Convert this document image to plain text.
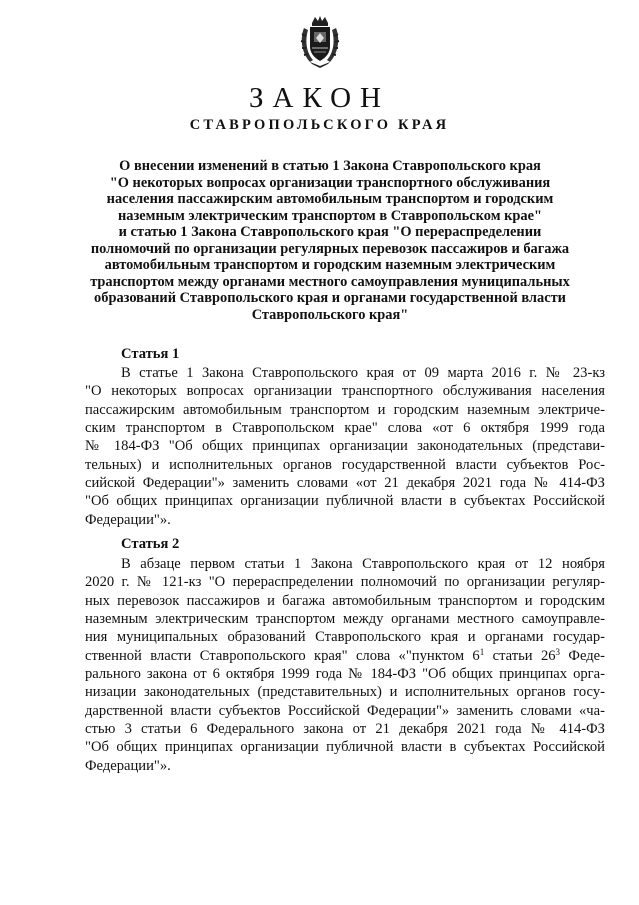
ЗАКОН
СТАВРОПОЛЬСКОГО КРАЯ
О внесении изменений в статью 1 Закона Ставропольского края
"О некоторых вопросах организации транспортного обслуживания
населения пассажирским автомобильным транспортом и городским
наземным электрическим транспортом в Ставропольском крае"
и статью 1 Закона Ставропольского края "О перераспределении
полномочий по организации регулярных перевозок пассажиров и багажа
автомобильным транспортом и городским наземным электрическим
транспортом между органами местного самоуправления муниципальных
образований Ставропольского края и органами государственной власти
Ставропольского края"
Статья 1
В статье 1 Закона Ставропольского края от 09 марта 2016 г. № 23-кз
"О некоторых вопросах организации транспортного обслуживания населения
пассажирским автомобильным транспортом и городским наземным электриче-
ским транспортом в Ставропольском крае" слова «от 6 октября 1999 года
№ 184-ФЗ "Об общих принципах организации законодательных (представи-
тельных) и исполнительных органов государственной власти субъектов Рос-
сийской Федерации"» заменить словами «от 21 декабря 2021 года № 414-ФЗ
"Об общих принципах организации публичной власти в субъектах Российской
Федерации"».
Статья 2
В абзаце первом статьи 1 Закона Ставропольского края от 12 ноября
2020 г. № 121-кз "О перераспределении полномочий по организации регуляр-
ных перевозок пассажиров и багажа автомобильным транспортом и городским
наземным электрическим транспортом между органами местного самоуправле-
ния муниципальных образований Ставропольского края и органами государ-
ственной власти Ставропольского края" слова «"пунктом $6^1$ статьи $26^3$ Феде-
рального закона от 6 октября 1999 года № 184-ФЗ "Об общих принципах орга-
низации законодательных (представительных) и исполнительных органов госу-
дарственной власти субъектов Российской Федерации"» заменить словами «ча-
стью 3 статьи 6 Федерального закона от 21 декабря 2021 года № 414-ФЗ
"Об общих принципах организации публичной власти в субъектах Российской
Федерации"».
